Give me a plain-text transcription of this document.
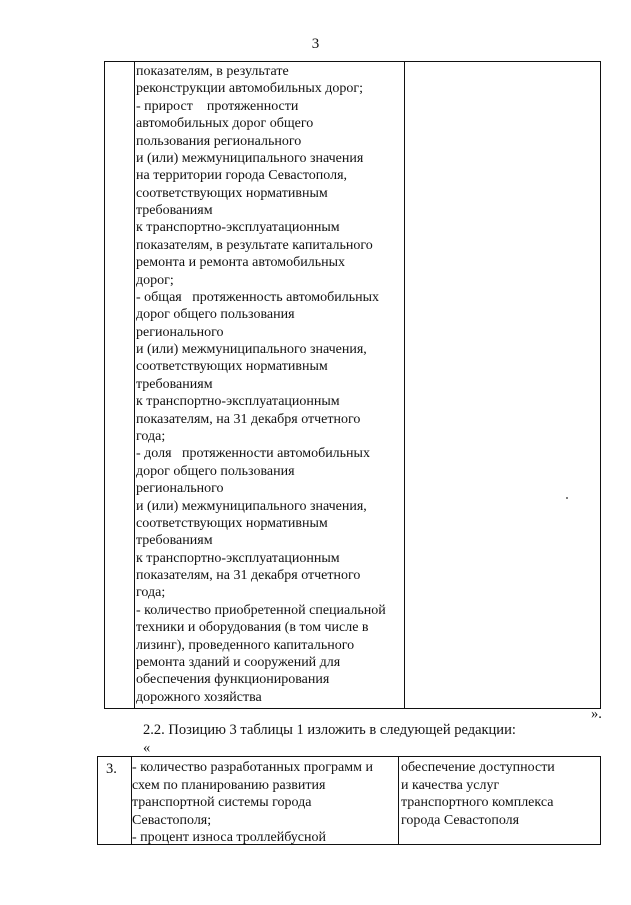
3
показателям, в результате
реконструкции автомобильных дорог;
- прирост    протяженности
автомобильных дорог общего
пользования регионального
и (или) межмуниципального значения
на территории города Севастополя,
соответствующих нормативным
требованиям
к транспортно-эксплуатационным
показателям, в результате капитального
ремонта и ремонта автомобильных
дорог;
- общая   протяженность автомобильных
дорог общего пользования
регионального
и (или) межмуниципального значения,
соответствующих нормативным
требованиям
к транспортно-эксплуатационным
показателям, на 31 декабря отчетного
года;
- доля   протяженности автомобильных
дорог общего пользования
регионального
и (или) межмуниципального значения,
соответствующих нормативным
требованиям
к транспортно-эксплуатационным
показателям, на 31 декабря отчетного
года;
- количество приобретенной специальной
техники и оборудования (в том числе в
лизинг), проведенного капитального
ремонта зданий и сооружений для
обеспечения функционирования
дорожного хозяйства
».
2.2. Позицию 3 таблицы 1 изложить в следующей редакции:
«
3. - количество разработанных программ и
схем по планированию развития
транспортной системы города
Севастополя;
- процент износа троллейбусной
обеспечение доступности
и качества услуг
транспортного комплекса
города Севастополя
